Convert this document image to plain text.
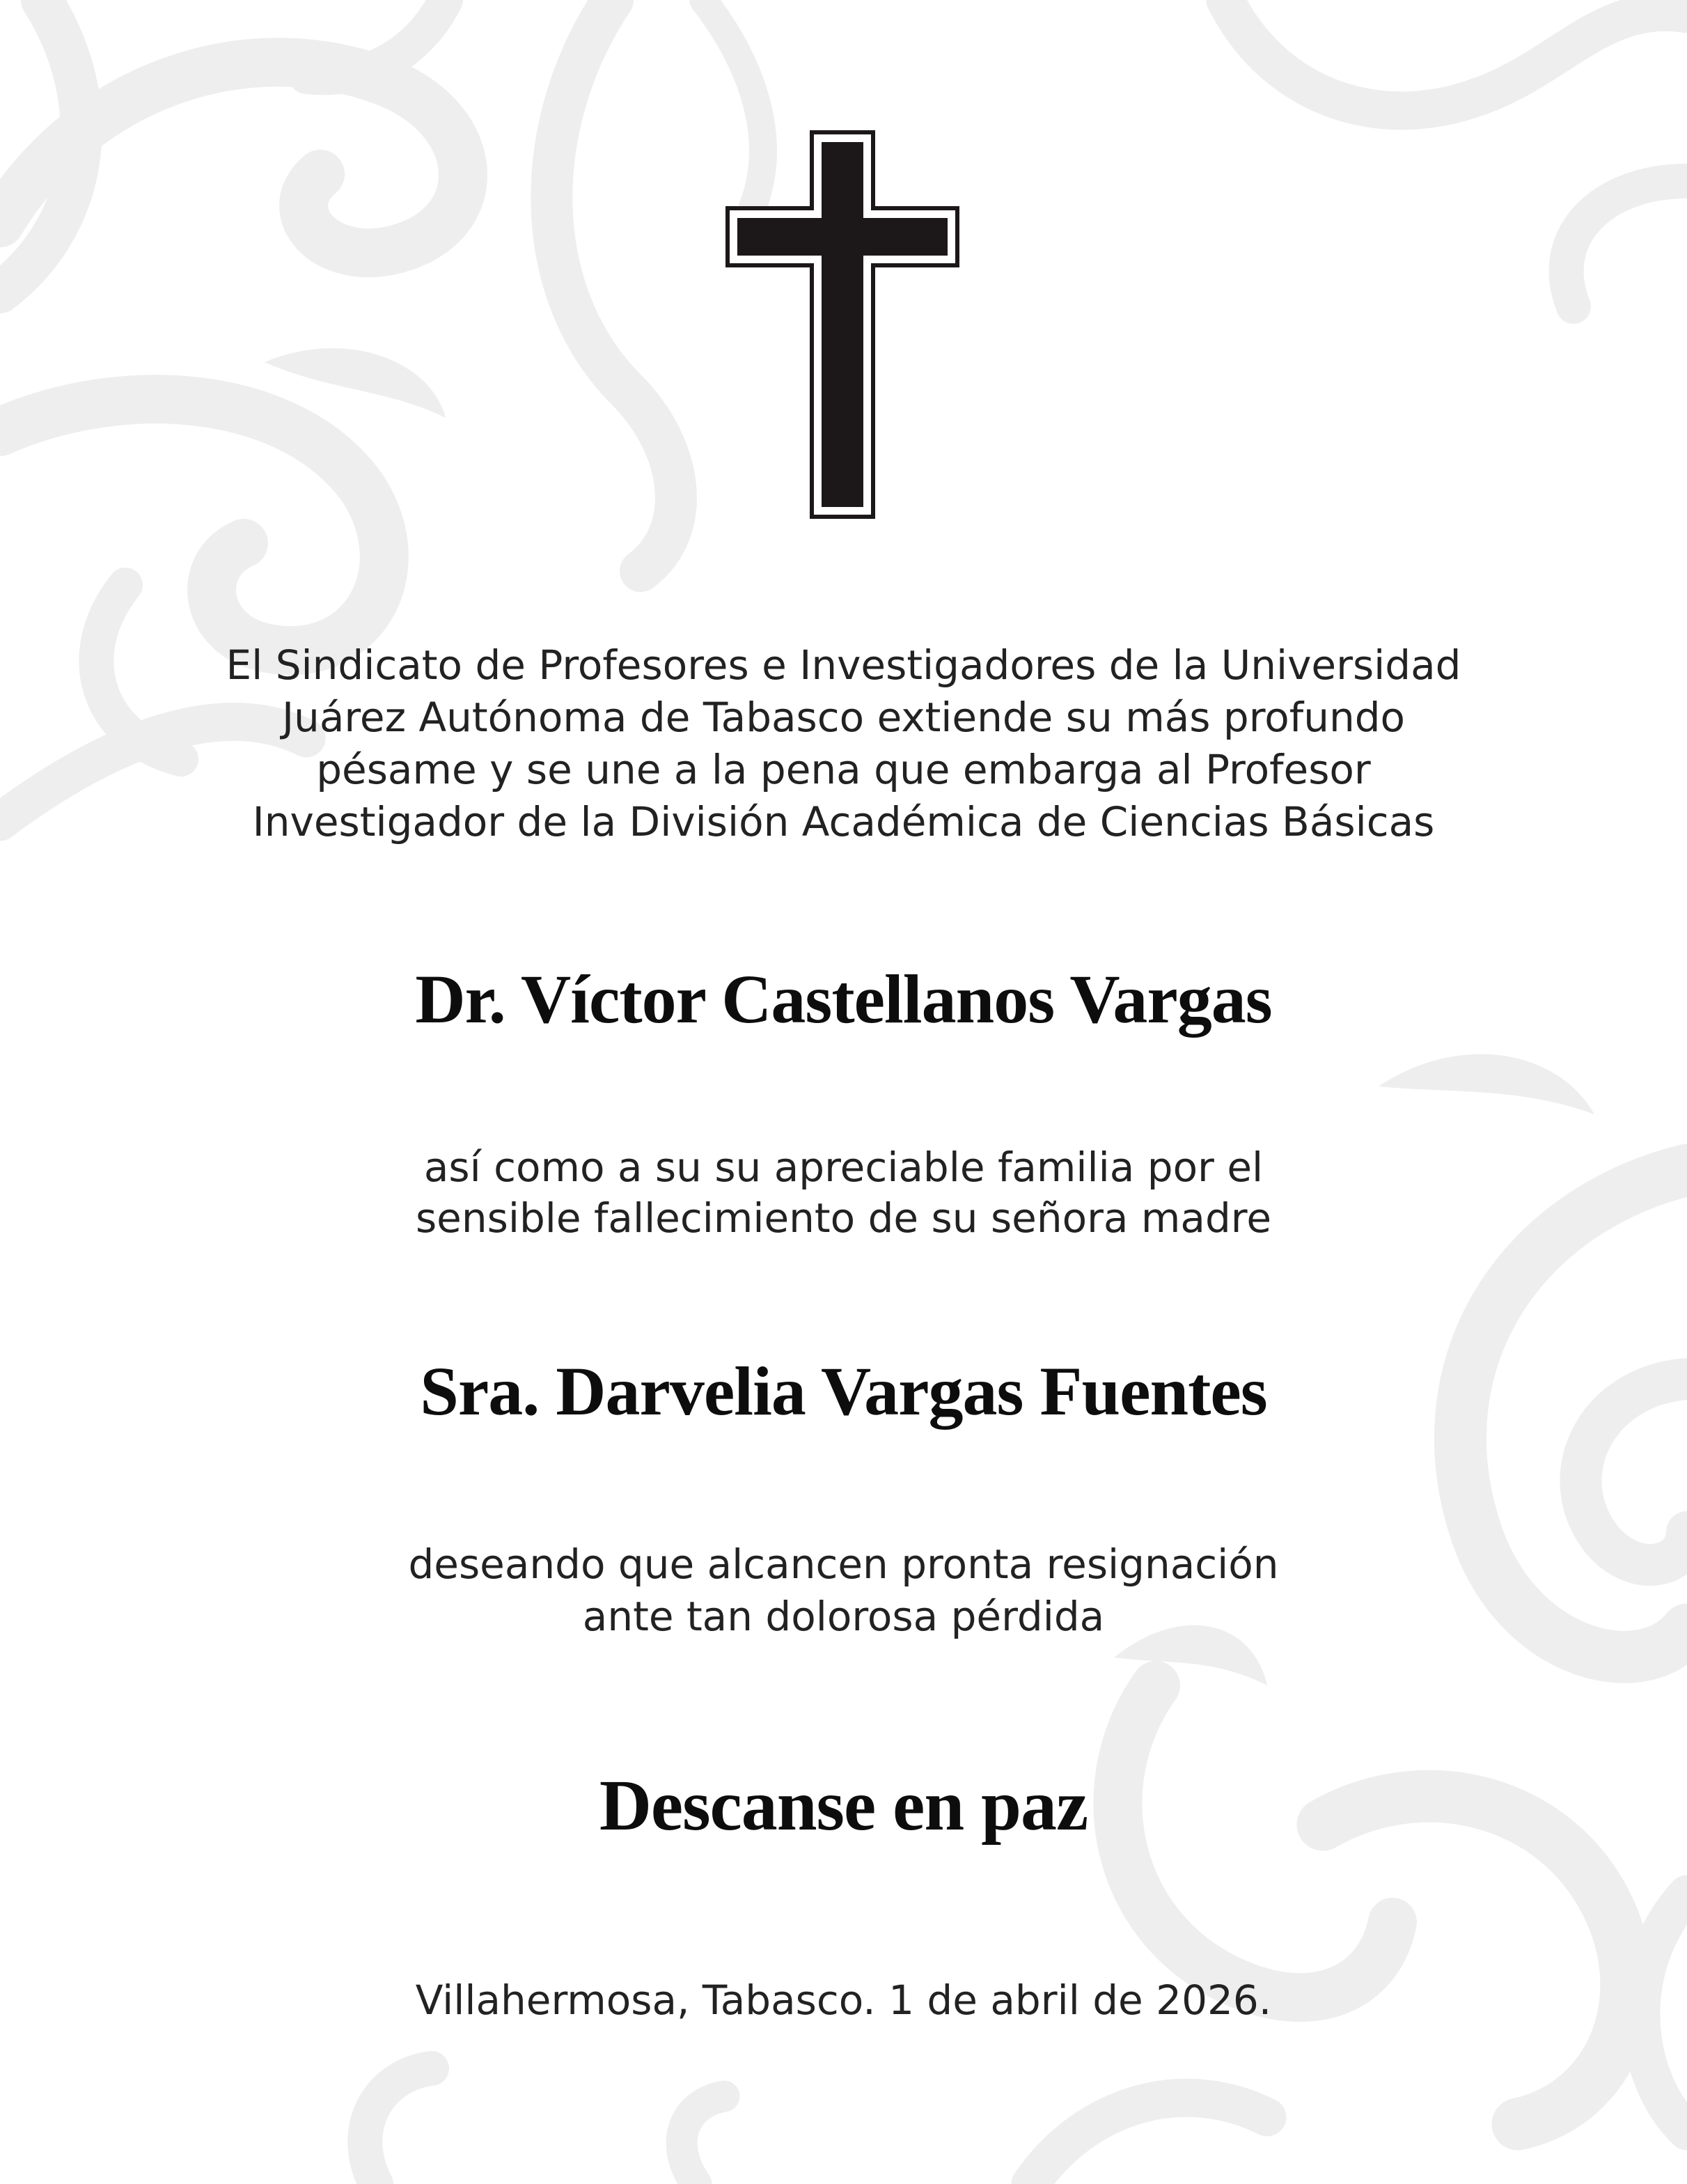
El Sindicato de Profesores e Investigadores de la Universidad
Juárez Autónoma de Tabasco extiende su más profundo
pésame y se une a la pena que embarga al Profesor
Investigador de la División Académica de Ciencias Básicas
Dr. Víctor Castellanos Vargas
así como a su su apreciable familia por el
sensible fallecimiento de su señora madre
Sra. Darvelia Vargas Fuentes
deseando que alcancen pronta resignación
ante tan dolorosa pérdida
Descanse en paz
Villahermosa, Tabasco. 1 de abril de 2026.
